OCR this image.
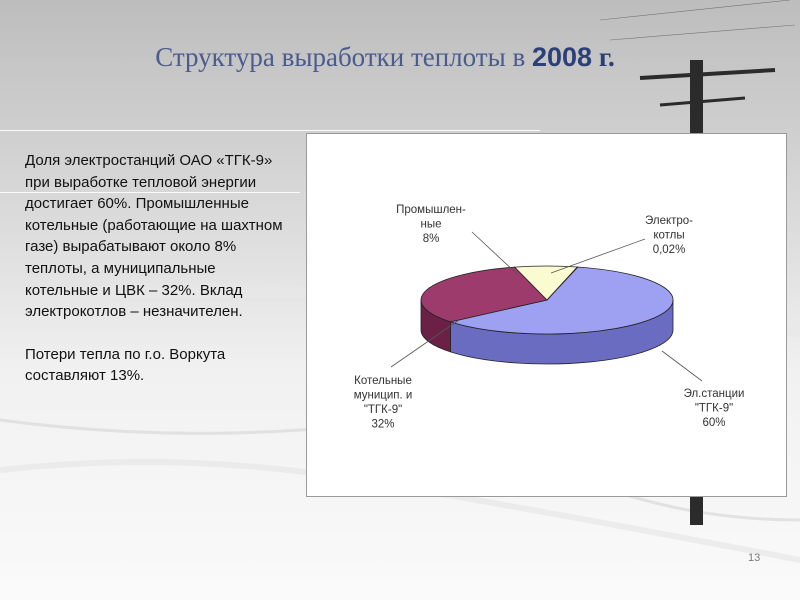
Структура выработки теплоты в 2008 г.

Доля электростанций ОАО «ТГК-9» при выработке тепловой энергии достигает 60%. Промышленные котельные (работающие на шахтном газе) вырабатывают около 8% теплоты, а муниципальные котельные и ЦВК – 32%. Вклад электрокотлов – незначителен.

Потери тепла по г.о. Воркута составляют 13%.

Эл.станции "ТГК-9" 60%
Котельные муницип. и "ТГК-9" 32%
Промышлен-ные 8%
Электро-котлы 0,02%
13
